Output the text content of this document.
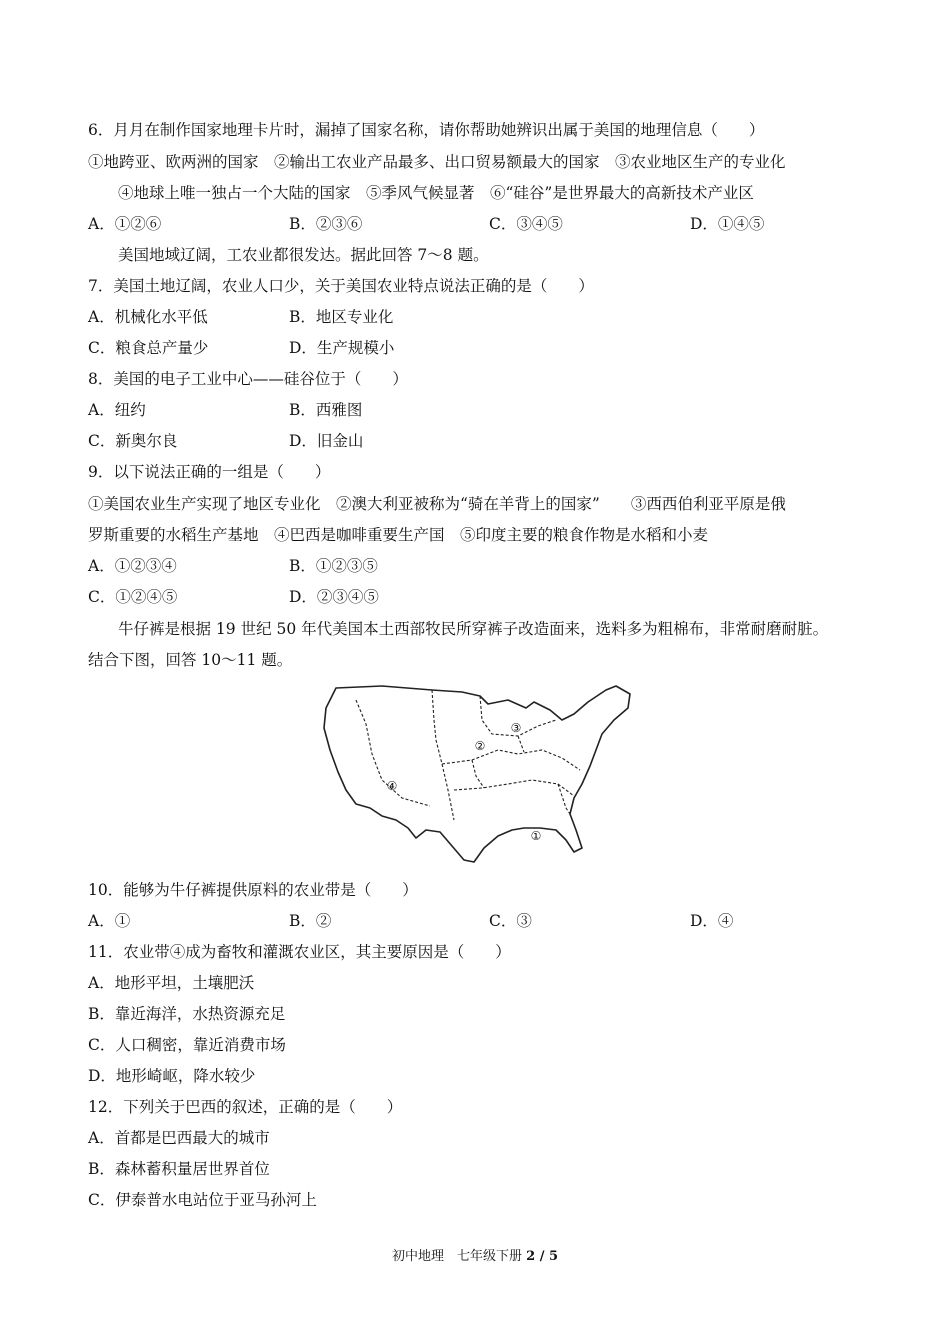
6．月月在制作国家地理卡片时，漏掉了国家名称，请你帮助她辨识出属于美国的地理信息（　　）
①地跨亚、欧两洲的国家　②输出工农业产品最多、出口贸易额最大的国家　③农业地区生产的专业化
④地球上唯一独占一个大陆的国家　⑤季风气候显著　⑥“硅谷”是世界最大的高新技术产业区
A．①②⑥	B．②③⑥	C．③④⑤	D．①④⑤
美国地域辽阔，工农业都很发达。据此回答 7～8 题。
7．美国土地辽阔，农业人口少，关于美国农业特点说法正确的是（　　）
A．机械化水平低	B．地区专业化
C．粮食总产量少	D．生产规模小
8．美国的电子工业中心——硅谷位于（　　）
A．纽约	B．西雅图
C．新奥尔良	D．旧金山
9．以下说法正确的一组是（　　）
①美国农业生产实现了地区专业化　②澳大利亚被称为“骑在羊背上的国家”　　③西西伯利亚平原是俄
罗斯重要的水稻生产基地　④巴西是咖啡重要生产国　⑤印度主要的粮食作物是水稻和小麦
A．①②③④	B．①②③⑤
C．①②④⑤	D．②③④⑤
牛仔裤是根据 19 世纪 50 年代美国本土西部牧民所穿裤子改造面来，选料多为粗棉布，非常耐磨耐脏。
结合下图，回答 10～11 题。
①
②
③
④
10．能够为牛仔裤提供原料的农业带是（　　）
A．①	B．②	C．③	D．④
11．农业带④成为畜牧和灌溉农业区，其主要原因是（　　）
A．地形平坦，土壤肥沃
B．靠近海洋，水热资源充足
C．人口稠密，靠近消费市场
D．地形崎岖，降水较少
12．下列关于巴西的叙述，正确的是（　　）
A．首都是巴西最大的城市
B．森林蓄积量居世界首位
C．伊泰普水电站位于亚马孙河上
初中地理　七年级下册 2 / 5
